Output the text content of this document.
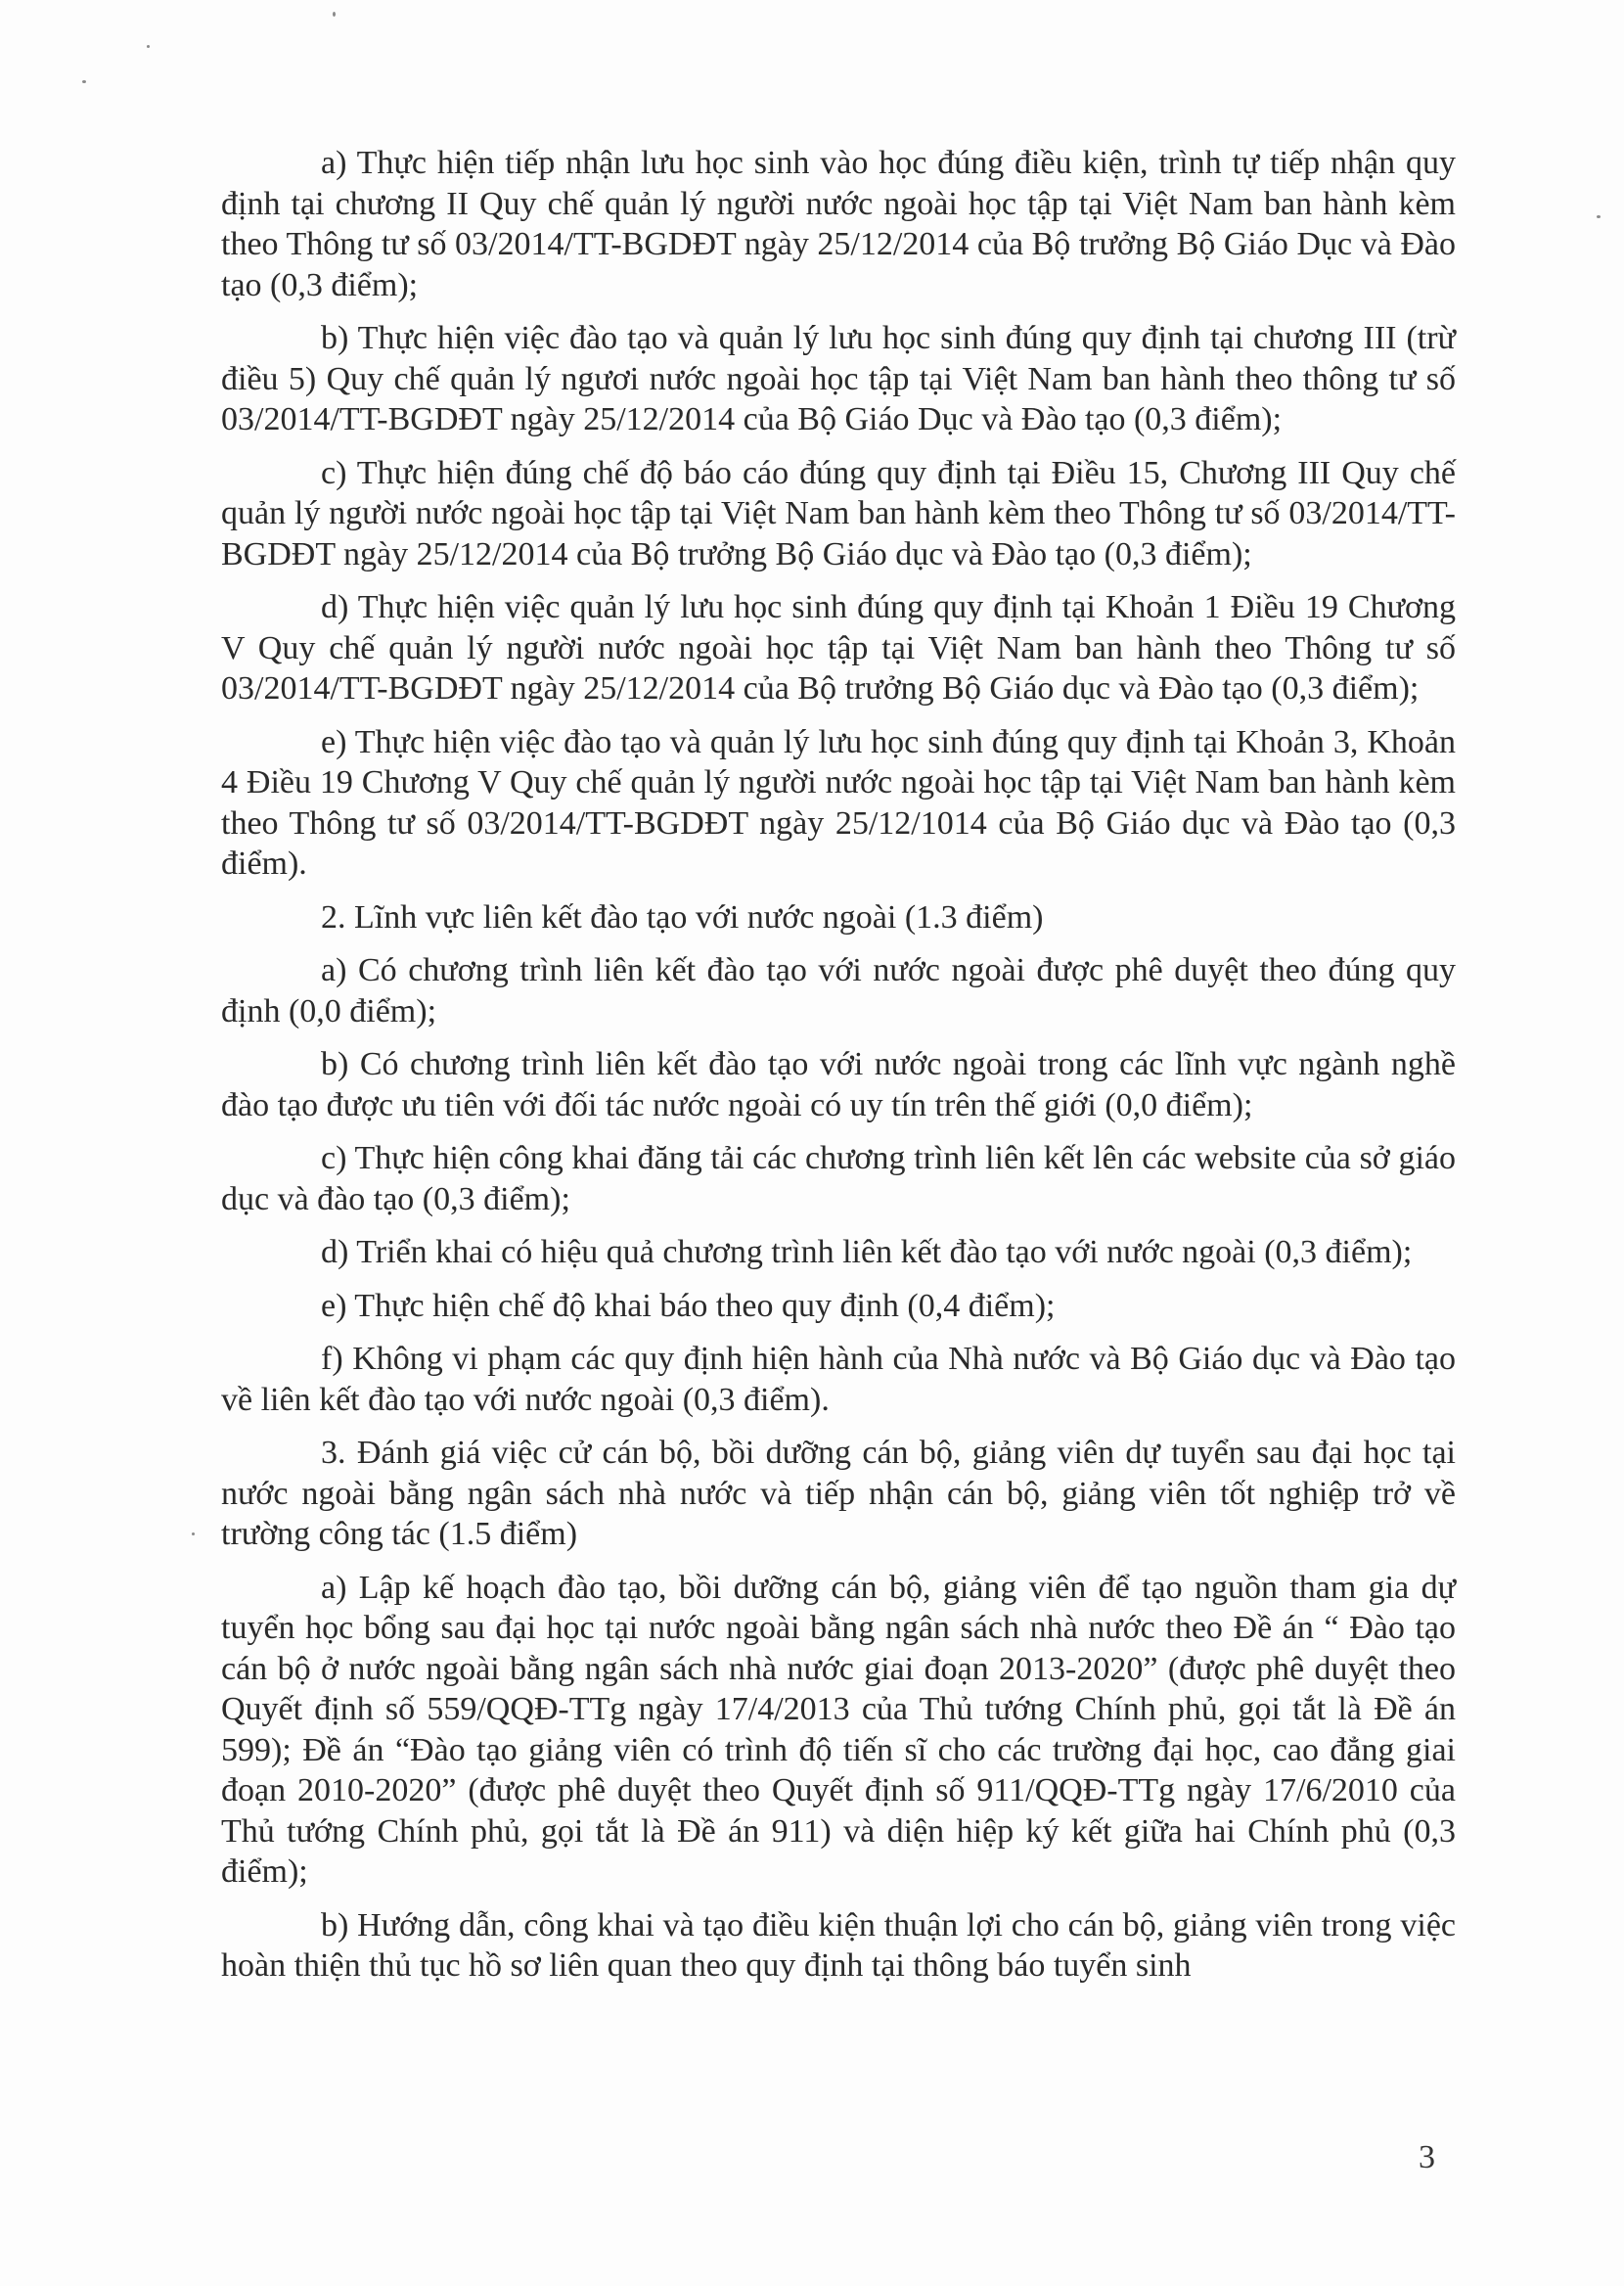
a) Thực hiện tiếp nhận lưu học sinh vào học đúng điều kiện, trình tự tiếp nhận quy định tại chương II Quy chế quản lý người nước ngoài học tập tại Việt Nam ban hành kèm theo Thông tư số 03/2014/TT-BGDĐT ngày 25/12/2014 của Bộ trưởng Bộ Giáo Dục và Đào tạo (0,3 điểm);

b) Thực hiện việc đào tạo và quản lý lưu học sinh đúng quy định tại chương III (trừ điều 5) Quy chế quản lý ngươi nước ngoài học tập tại Việt Nam ban hành theo thông tư số 03/2014/TT-BGDĐT ngày 25/12/2014 của Bộ Giáo Dục và Đào tạo (0,3 điểm);

c) Thực hiện đúng chế độ báo cáo đúng quy định tại Điều 15, Chương III Quy chế quản lý người nước ngoài học tập tại Việt Nam ban hành kèm theo Thông tư số 03/2014/TT-BGDĐT ngày 25/12/2014 của Bộ trưởng Bộ Giáo dục và Đào tạo (0,3 điểm);

d) Thực hiện việc quản lý lưu học sinh đúng quy định tại Khoản 1 Điều 19 Chương V Quy chế quản lý người nước ngoài học tập tại Việt Nam ban hành theo Thông tư số 03/2014/TT-BGDĐT ngày 25/12/2014 của Bộ trưởng Bộ Giáo dục và Đào tạo (0,3 điểm);

e) Thực hiện việc đào tạo và quản lý lưu học sinh đúng quy định tại Khoản 3, Khoản 4 Điều 19 Chương V Quy chế quản lý người nước ngoài học tập tại Việt Nam ban hành kèm theo Thông tư số 03/2014/TT-BGDĐT ngày 25/12/1014 của Bộ Giáo dục và Đào tạo (0,3 điểm).

2. Lĩnh vực liên kết đào tạo với nước ngoài (1.3 điểm)

a) Có chương trình liên kết đào tạo với nước ngoài được phê duyệt theo đúng quy định (0,0 điểm);

b) Có chương trình liên kết đào tạo với nước ngoài trong các lĩnh vực ngành nghề đào tạo được ưu tiên với đối tác nước ngoài có uy tín trên thế giới (0,0 điểm);

c) Thực hiện công khai đăng tải các chương trình liên kết lên các website của sở giáo dục và đào tạo (0,3 điểm);

d) Triển khai có hiệu quả chương trình liên kết đào tạo với nước ngoài (0,3 điểm);

e) Thực hiện chế độ khai báo theo quy định (0,4 điểm);

f) Không vi phạm các quy định hiện hành của Nhà nước và Bộ Giáo dục và Đào tạo về liên kết đào tạo với nước ngoài (0,3 điểm).

3. Đánh giá việc cử cán bộ, bồi dưỡng cán bộ, giảng viên dự tuyển sau đại học tại nước ngoài bằng ngân sách nhà nước và tiếp nhận cán bộ, giảng viên tốt nghiệp trở về trường công tác (1.5 điểm)

a) Lập kế hoạch đào tạo, bồi dưỡng cán bộ, giảng viên để tạo nguồn tham gia dự tuyển học bổng sau đại học tại nước ngoài bằng ngân sách nhà nước theo Đề án “ Đào tạo cán bộ ở nước ngoài bằng ngân sách nhà nước giai đoạn 2013-2020” (được phê duyệt theo Quyết định số 559/QQĐ-TTg ngày 17/4/2013 của Thủ tướng Chính phủ, gọi tắt là Đề án 599); Đề án “Đào tạo giảng viên có trình độ tiến sĩ cho các trường đại học, cao đẳng giai đoạn 2010-2020” (được phê duyệt theo Quyết định số 911/QQĐ-TTg ngày 17/6/2010 của Thủ tướng Chính phủ, gọi tắt là Đề án 911) và diện hiệp ký kết giữa hai Chính phủ (0,3 điểm);

b) Hướng dẫn, công khai và tạo điều kiện thuận lợi cho cán bộ, giảng viên trong việc hoàn thiện thủ tục hồ sơ liên quan theo quy định tại thông báo tuyển sinh

3
